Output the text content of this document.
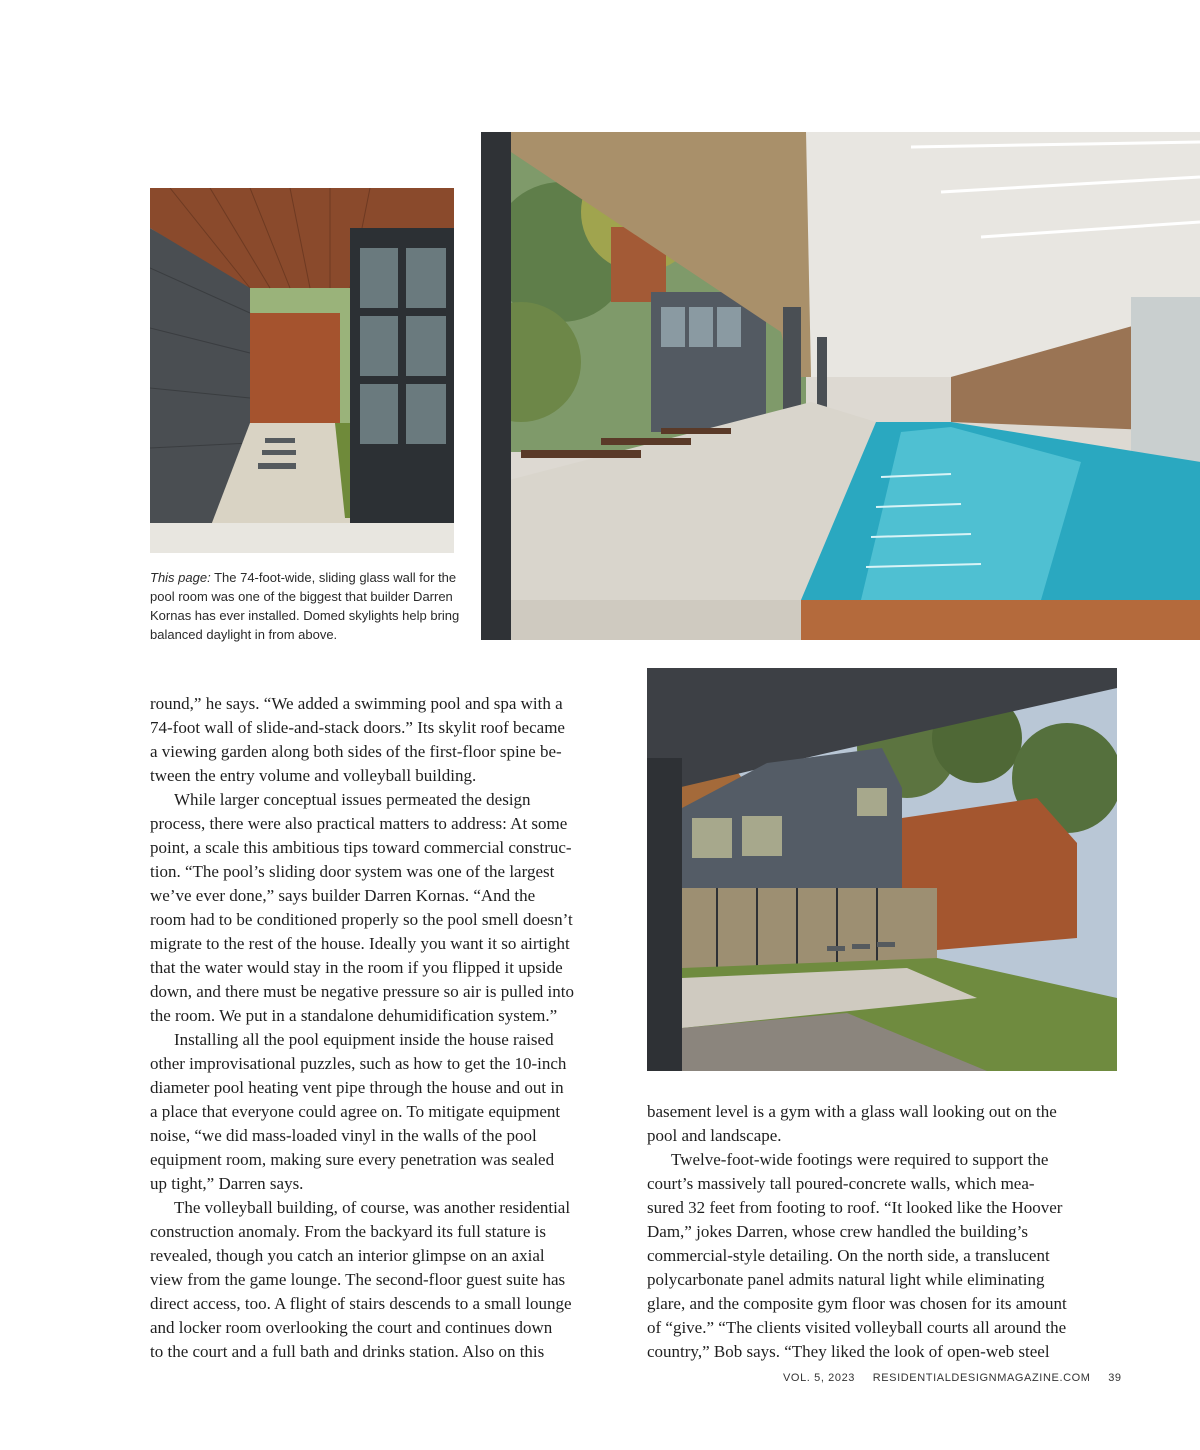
This page: The 74-foot-wide, sliding glass wall for the pool room was one of the biggest that builder Darren Kornas has ever installed. Domed skylights help bring balanced daylight in from above.

round,” he says. “We added a swimming pool and spa with a

74-foot wall of slide-and-stack doors.” Its skylit roof became

a viewing garden along both sides of the first-floor spine be-

tween the entry volume and volleyball building.

While larger conceptual issues permeated the design

process, there were also practical matters to address: At some

point, a scale this ambitious tips toward commercial construc-

tion. “The pool’s sliding door system was one of the largest

we’ve ever done,” says builder Darren Kornas. “And the

room had to be conditioned properly so the pool smell doesn’t

migrate to the rest of the house. Ideally you want it so airtight

that the water would stay in the room if you flipped it upside

down, and there must be negative pressure so air is pulled into

the room. We put in a standalone dehumidification system.”

Installing all the pool equipment inside the house raised

other improvisational puzzles, such as how to get the 10-inch

diameter pool heating vent pipe through the house and out in

a place that everyone could agree on. To mitigate equipment

noise, “we did mass-loaded vinyl in the walls of the pool

equipment room, making sure every penetration was sealed

up tight,” Darren says.

The volleyball building, of course, was another residential

construction anomaly. From the backyard its full stature is

revealed, though you catch an interior glimpse on an axial

view from the game lounge. The second-floor guest suite has

direct access, too. A flight of stairs descends to a small lounge

and locker room overlooking the court and continues down

to the court and a full bath and drinks station. Also on this

basement level is a gym with a glass wall looking out on the

pool and landscape.

Twelve-foot-wide footings were required to support the

court’s massively tall poured-concrete walls, which mea-

sured 32 feet from footing to roof. “It looked like the Hoover

Dam,” jokes Darren, whose crew handled the building’s

commercial-style detailing. On the north side, a translucent

polycarbonate panel admits natural light while eliminating

glare, and the composite gym floor was chosen for its amount

of “give.” “The clients visited volleyball courts all around the

country,” Bob says. “They liked the look of open-web steel

VOL. 5, 2023 RESIDENTIALDESIGNMAGAZINE.COM 39
